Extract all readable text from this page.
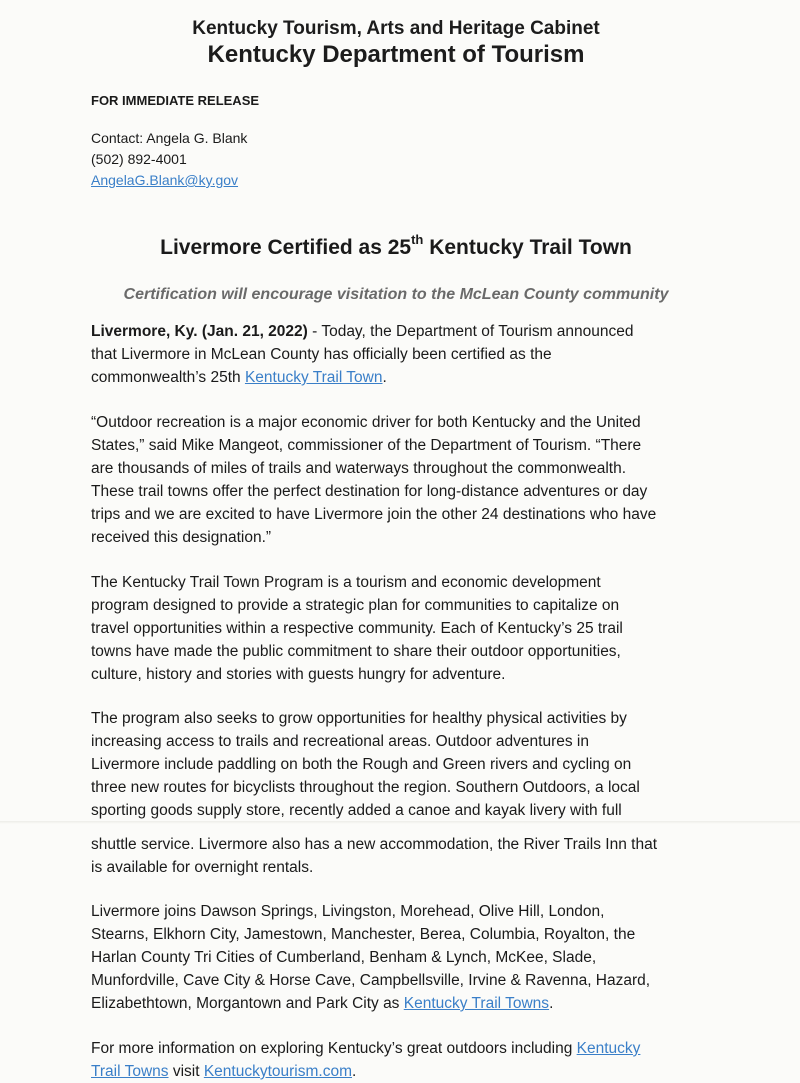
Kentucky Tourism, Arts and Heritage Cabinet
Kentucky Department of Tourism
FOR IMMEDIATE RELEASE
Contact: Angela G. Blank
(502) 892-4001
AngelaG.Blank@ky.gov
Livermore Certified as 25th Kentucky Trail Town
Certification will encourage visitation to the McLean County community
Livermore, Ky. (Jan. 21, 2022) - Today, the Department of Tourism announced
that Livermore in McLean County has officially been certified as the
commonwealth’s 25th Kentucky Trail Town.
“Outdoor recreation is a major economic driver for both Kentucky and the United
States,” said Mike Mangeot, commissioner of the Department of Tourism. “There
are thousands of miles of trails and waterways throughout the commonwealth.
These trail towns offer the perfect destination for long-distance adventures or day
trips and we are excited to have Livermore join the other 24 destinations who have
received this designation.”
The Kentucky Trail Town Program is a tourism and economic development
program designed to provide a strategic plan for communities to capitalize on
travel opportunities within a respective community. Each of Kentucky’s 25 trail
towns have made the public commitment to share their outdoor opportunities,
culture, history and stories with guests hungry for adventure.
The program also seeks to grow opportunities for healthy physical activities by
increasing access to trails and recreational areas. Outdoor adventures in
Livermore include paddling on both the Rough and Green rivers and cycling on
three new routes for bicyclists throughout the region. Southern Outdoors, a local
sporting goods supply store, recently added a canoe and kayak livery with full
shuttle service. Livermore also has a new accommodation, the River Trails Inn that
is available for overnight rentals.
Livermore joins Dawson Springs, Livingston, Morehead, Olive Hill, London,
Stearns, Elkhorn City, Jamestown, Manchester, Berea, Columbia, Royalton, the
Harlan County Tri Cities of Cumberland, Benham & Lynch, McKee, Slade,
Munfordville, Cave City & Horse Cave, Campbellsville, Irvine & Ravenna, Hazard,
Elizabethtown, Morgantown and Park City as Kentucky Trail Towns.
For more information on exploring Kentucky’s great outdoors including Kentucky
Trail Towns visit Kentuckytourism.com.
